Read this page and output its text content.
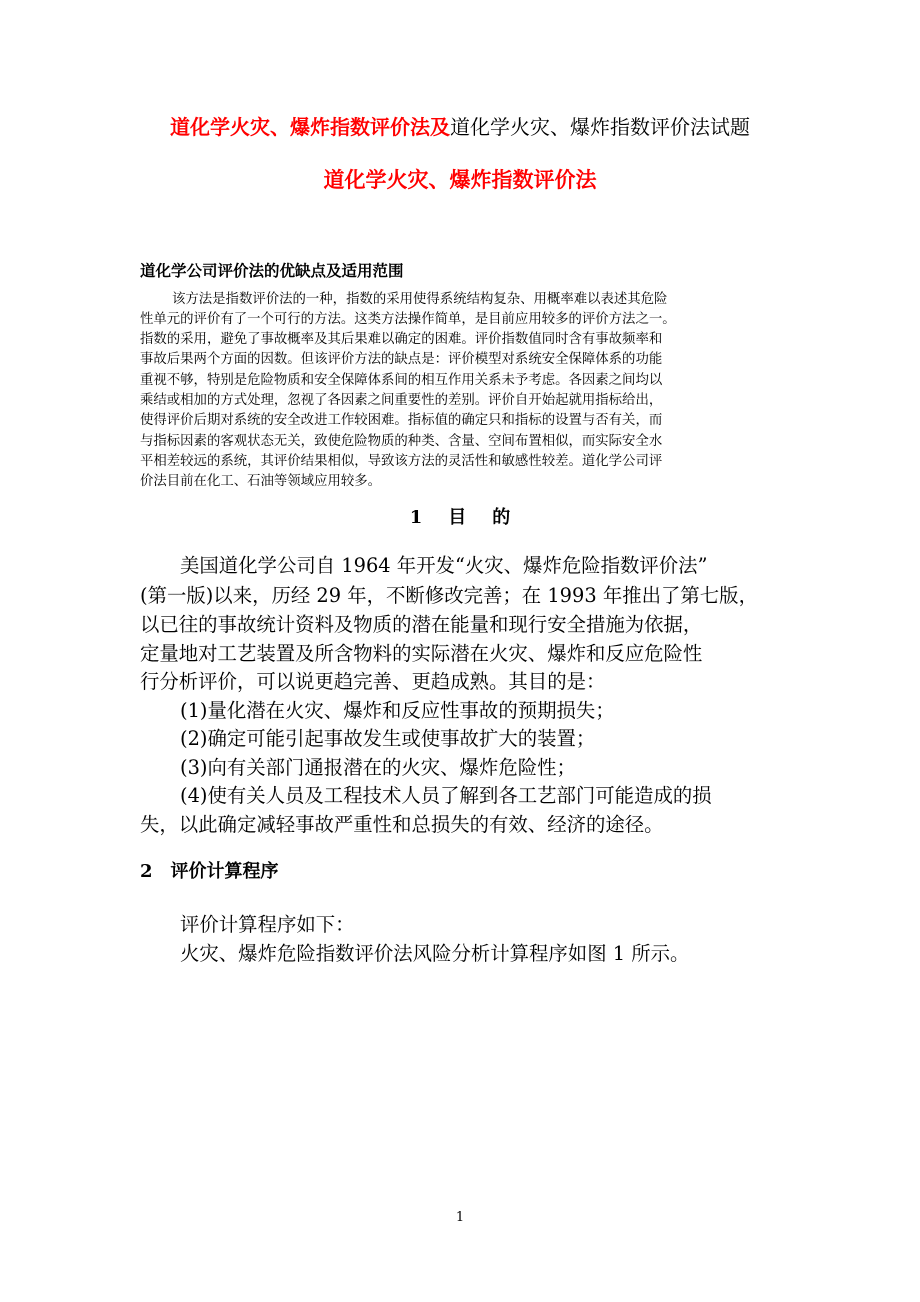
道化学火灾、爆炸指数评价法及道化学火灾、爆炸指数评价法试题
道化学火灾、爆炸指数评价法
道化学公司评价法的优缺点及适用范围
该方法是指数评价法的一种，指数的采用使得系统结构复杂、用概率难以表述其危险
性单元的评价有了一个可行的方法。这类方法操作简单，是目前应用较多的评价方法之一。
指数的采用，避免了事故概率及其后果难以确定的困难。评价指数值同时含有事故频率和
事故后果两个方面的因数。但该评价方法的缺点是：评价模型对系统安全保障体系的功能
重视不够，特别是危险物质和安全保障体系间的相互作用关系未予考虑。各因素之间均以
乘结或相加的方式处理，忽视了各因素之间重要性的差别。评价自开始起就用指标给出，
使得评价后期对系统的安全改进工作较困难。指标值的确定只和指标的设置与否有关，而
与指标因素的客观状态无关，致使危险物质的种类、含量、空间布置相似，而实际安全水
平相差较远的系统，其评价结果相似，导致该方法的灵活性和敏感性较差。道化学公司评
价法目前在化工、石油等领域应用较多。
1 目 的
美国道化学公司自 1964 年开发“火灾、爆炸危险指数评价法”
(第一版)以来，历经 29 年，不断修改完善；在 1993 年推出了第七版，
以已往的事故统计资料及物质的潜在能量和现行安全措施为依据，
定量地对工艺装置及所含物料的实际潜在火灾、爆炸和反应危险性
行分析评价，可以说更趋完善、更趋成熟。其目的是：
(1)量化潜在火灾、爆炸和反应性事故的预期损失；
(2)确定可能引起事故发生或使事故扩大的装置；
(3)向有关部门通报潜在的火灾、爆炸危险性；
(4)使有关人员及工程技术人员了解到各工艺部门可能造成的损
失，以此确定减轻事故严重性和总损失的有效、经济的途径。
2 评价计算程序
评价计算程序如下：
火灾、爆炸危险指数评价法风险分析计算程序如图 1 所示。
1
